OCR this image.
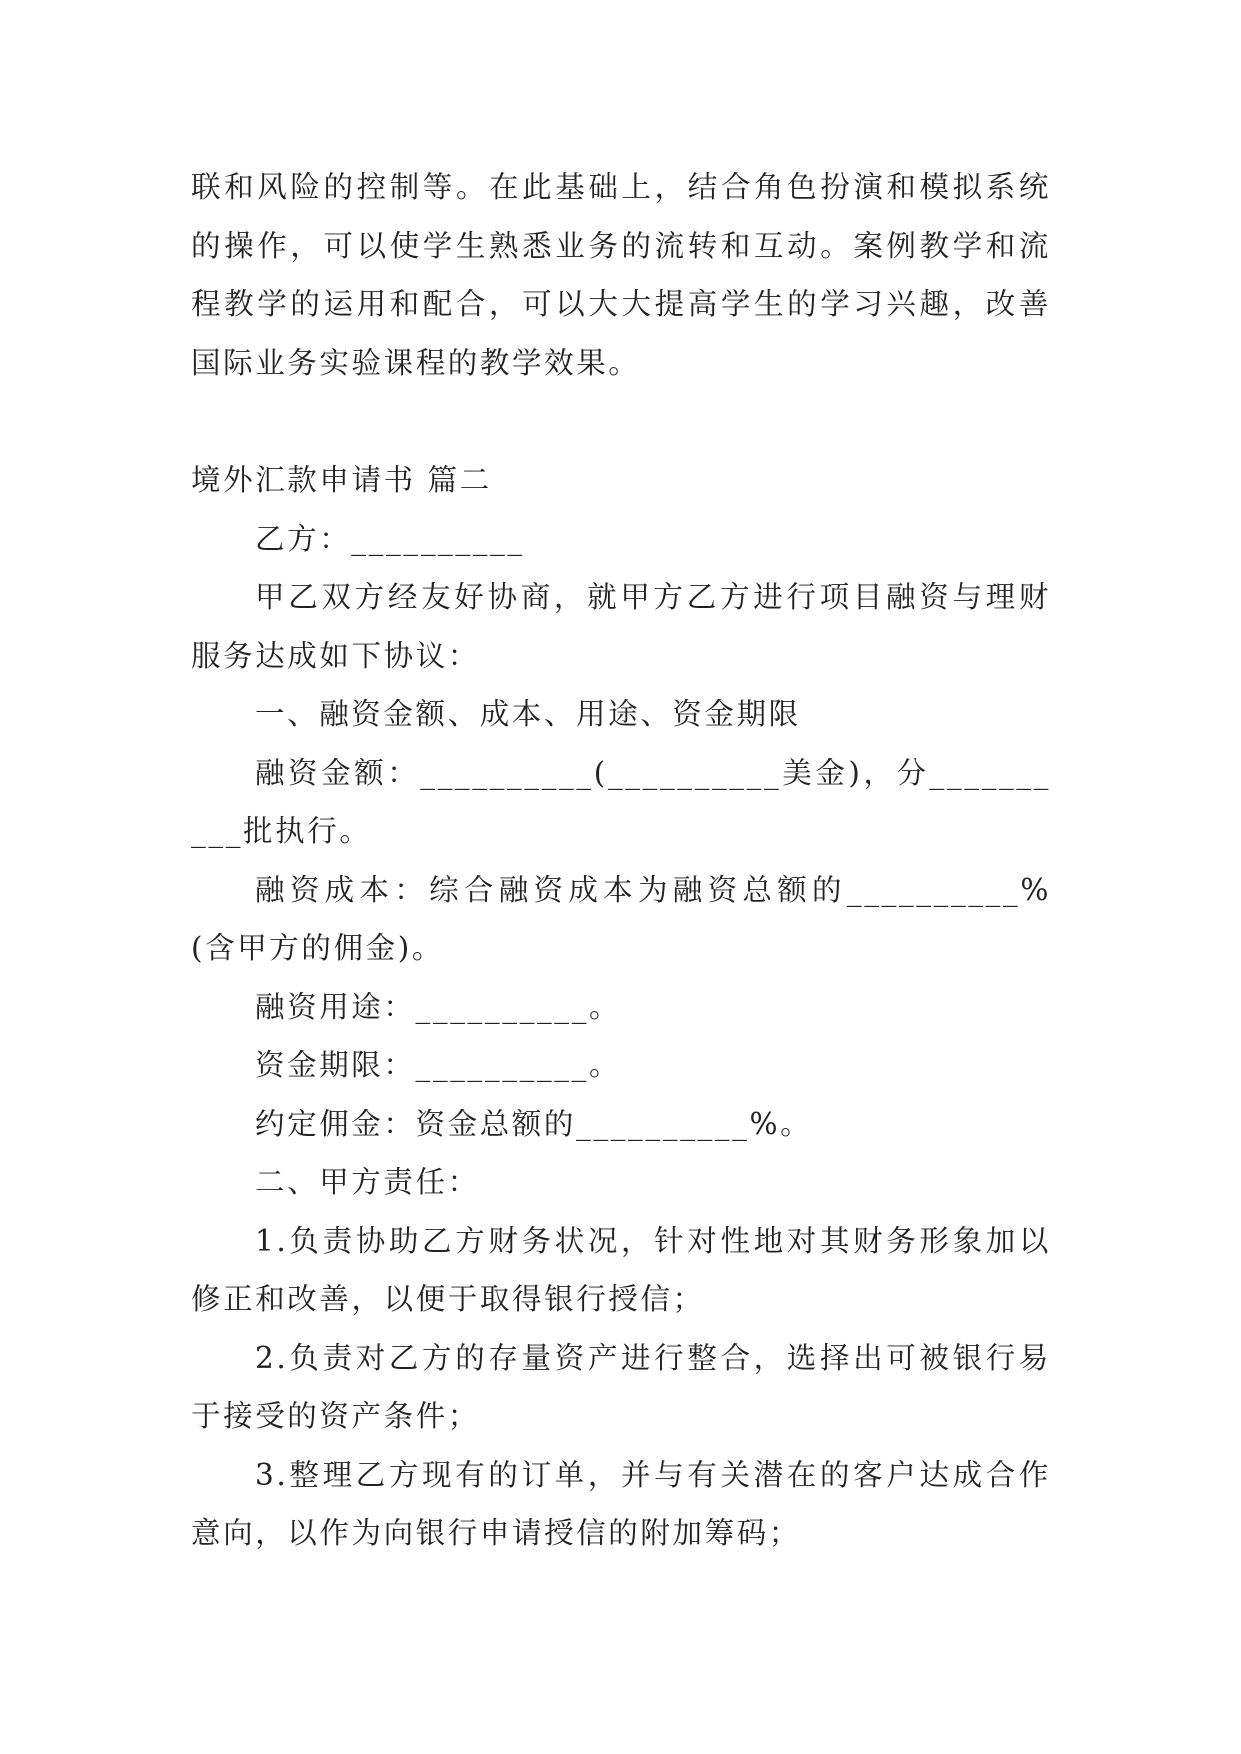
联和风险的控制等。在此基础上，结合角色扮演和模拟系统的操作，可以使学生熟悉业务的流转和互动。案例教学和流程教学的运用和配合，可以大大提高学生的学习兴趣，改善国际业务实验课程的教学效果。

境外汇款申请书 篇二

乙方：__________

甲乙双方经友好协商，就甲方乙方进行项目融资与理财服务达成如下协议：

一、融资金额、成本、用途、资金期限

融资金额：__________(__________美金)，分__________批执行。

融资成本：综合融资成本为融资总额的__________%(含甲方的佣金)。

融资用途：__________。

资金期限：__________。

约定佣金：资金总额的__________%。

二、甲方责任：

1.负责协助乙方财务状况，针对性地对其财务形象加以修正和改善，以便于取得银行授信；

2.负责对乙方的存量资产进行整合，选择出可被银行易于接受的资产条件；

3.整理乙方现有的订单，并与有关潜在的客户达成合作意向，以作为向银行申请授信的附加筹码；
